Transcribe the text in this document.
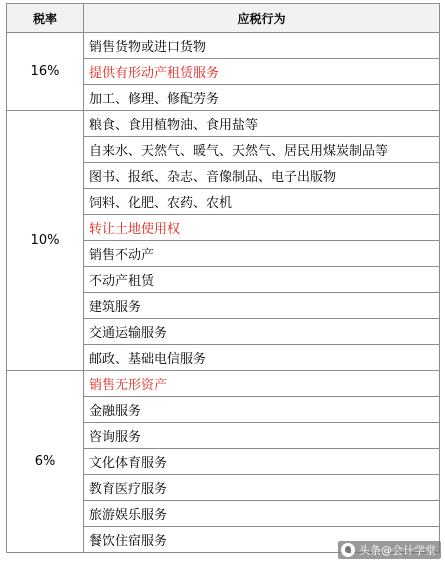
税率	应税行为
16%	销售货物或进口货物
	提供有形动产租赁服务
	加工、修理、修配劳务
10%	粮食、食用植物油、食用盐等
	自来水、天然气、暖气、天然气、居民用煤炭制品等
	图书、报纸、杂志、音像制品、电子出版物
	饲料、化肥、农药、农机
	转让土地使用权
	销售不动产
	不动产租赁
	建筑服务
	交通运输服务
	邮政、基础电信服务
6%	销售无形资产
	金融服务
	咨询服务
	文化体育服务
	教育医疗服务
	旅游娱乐服务
	餐饮住宿服务
头条@会计学堂
